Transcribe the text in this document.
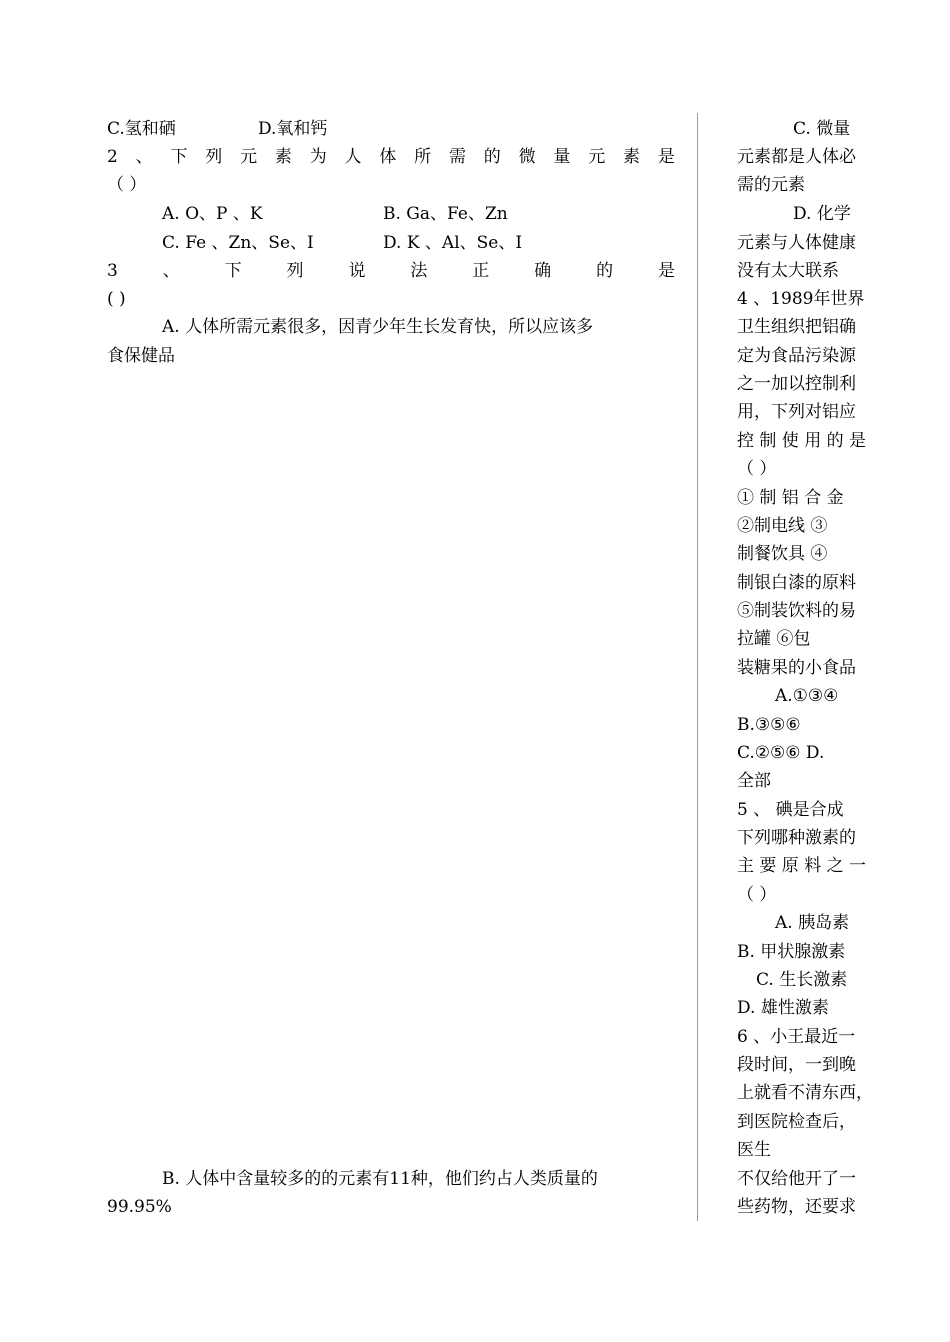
C.氢和硒	D.氧和钙
2 、 下 列 元 素 为 人 体 所 需 的 微 量 元 素 是
（ ）
A. O、P 、K	B. Ga、Fe、Zn
C. Fe 、Zn、Se、I	D. K 、Al、Se、I
3	、	下	列	说	法	正	确	的	是
( )
A. 人体所需元素很多，因青少年生长发育快，所以应该多
食保健品
B. 人体中含量较多的的元素有11种，他们约占人类质量的
99.95%
C. 微量
元素都是人体必
需的元素
D. 化学
元素与人体健康
没有太大联系
4 、1989年世界
卫生组织把铝确
定为食品污染源
之一加以控制利
用，下列对铝应
控 制 使 用 的 是
（ ）
① 制 铝 合 金
②制电线 ③
制餐饮具 ④
制银白漆的原料
⑤制装饮料的易
拉罐 ⑥包
装糖果的小食品
A.①③④
B.③⑤⑥
C.②⑤⑥ D.
全部
5 、 碘是合成
下列哪种激素的
主 要 原 料 之 一
（ ）
A. 胰岛素
B. 甲状腺激素
C. 生长激素
D. 雄性激素
6 、小王最近一
段时间，一到晚
上就看不清东西，
到医院检查后，
医生
不仅给他开了一
些药物，还要求
